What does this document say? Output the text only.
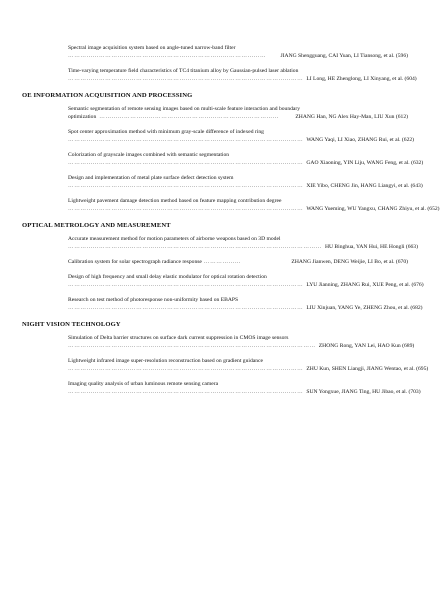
Spectral image acquisition system based on angle-tuned narrow-band filter
……………………………………………………………………………………	JIANG Shengguang, CAI Yuan, LI Tiansong, et al. (596)
Time-varying temperature field characteristics of TC4 titanium alloy by Gaussian-pulsed laser ablation
…………………………………………………………………………………………………… LI Long, HE Zhenglong, LI Xinyang, et al. (604)
OE INFORMATION ACQUISITION AND PROCESSING
Semantic segmentation of remote sensing images based on multi-scale feature interaction and boundary
optimization ……………………………………………………………………………	ZHANG Han, NG Alex Hay-Man, LIU Xun (612)
Spot center approximation method with minimum gray-scale difference of indexed ring
…………………………………………………………………………………………………… WANG Yaqi, LI Xiao, ZHANG Rui, et al. (622)
Colorization of grayscale images combined with semantic segmentation
…………………………………………………………………………………………………… GAO Xiaoning, YIN Liju, WANG Feng, et al. (632)
Design and implementation of metal plate surface defect detection system
…………………………………………………………………………………………………… XIE Yibo, CHENG Jin, HANG Liangyi, et al. (643)
Lightweight pavement damage detection method based on feature mapping contribution degree
…………………………………………………………………………………………………… WANG Yueming, WU Yangxu, CHANG Zhiyu, et al. (652)
OPTICAL METROLOGY AND MEASUREMENT
Accurate measurement method for motion parameters of airborne weapons based on 3D model
…………………………………………………………………………………………………………… HU Binghua, YAN Hui, HE Hongli (663)
Calibration system for solar spectrograph radiance response ………………	ZHANG Jianwen, DENG Weijie, LI Bo, et al. (670)
Design of high frequency and small delay elastic modulator for optical rotation detection
…………………………………………………………………………………………………… LYU Jianning, ZHANG Rui, XUE Peng, et al. (676)
Research on test method of photoresponse non-uniformity based on EBAPS
…………………………………………………………………………………………………… LIU Xinjuan, YANG Ye, ZHENG Zhou, et al. (682)
NIGHT VISION TECHNOLOGY
Simulation of Delta barrier structures on surface dark current suppression in CMOS image sensors
………………………………………………………………………………………………………… ZHONG Rong, YAN Lei, HAO Kun (689)
Lightweight infrared image super-resolution reconstruction based on gradient guidance
…………………………………………………………………………………………………… ZHU Kun, SHEN Liangji, JIANG Wentao, et al. (695)
Imaging quality analysis of urban luminous remote sensing camera
…………………………………………………………………………………………………… SUN Yongxue, JIANG Ting, HU Jibao, et al. (703)
